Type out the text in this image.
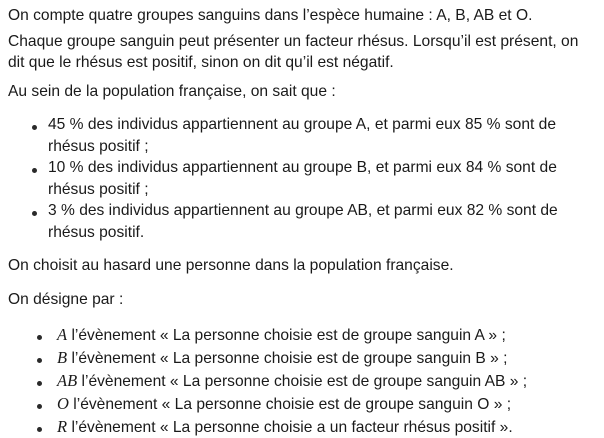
On compte quatre groupes sanguins dans l’espèce humaine : A, B, AB et O.
Chaque groupe sanguin peut présenter un facteur rhésus. Lorsqu’il est présent, on
dit que le rhésus est positif, sinon on dit qu’il est négatif.
Au sein de la population française, on sait que :
45 % des individus appartiennent au groupe A, et parmi eux 85 % sont de
rhésus positif ;
10 % des individus appartiennent au groupe B, et parmi eux 84 % sont de
rhésus positif ;
3 % des individus appartiennent au groupe AB, et parmi eux 82 % sont de
rhésus positif.
On choisit au hasard une personne dans la population française.
On désigne par :
A l’évènement « La personne choisie est de groupe sanguin A » ;
B l’évènement « La personne choisie est de groupe sanguin B » ;
AB l’évènement « La personne choisie est de groupe sanguin AB » ;
O l’évènement « La personne choisie est de groupe sanguin O » ;
R l’évènement « La personne choisie a un facteur rhésus positif ».
